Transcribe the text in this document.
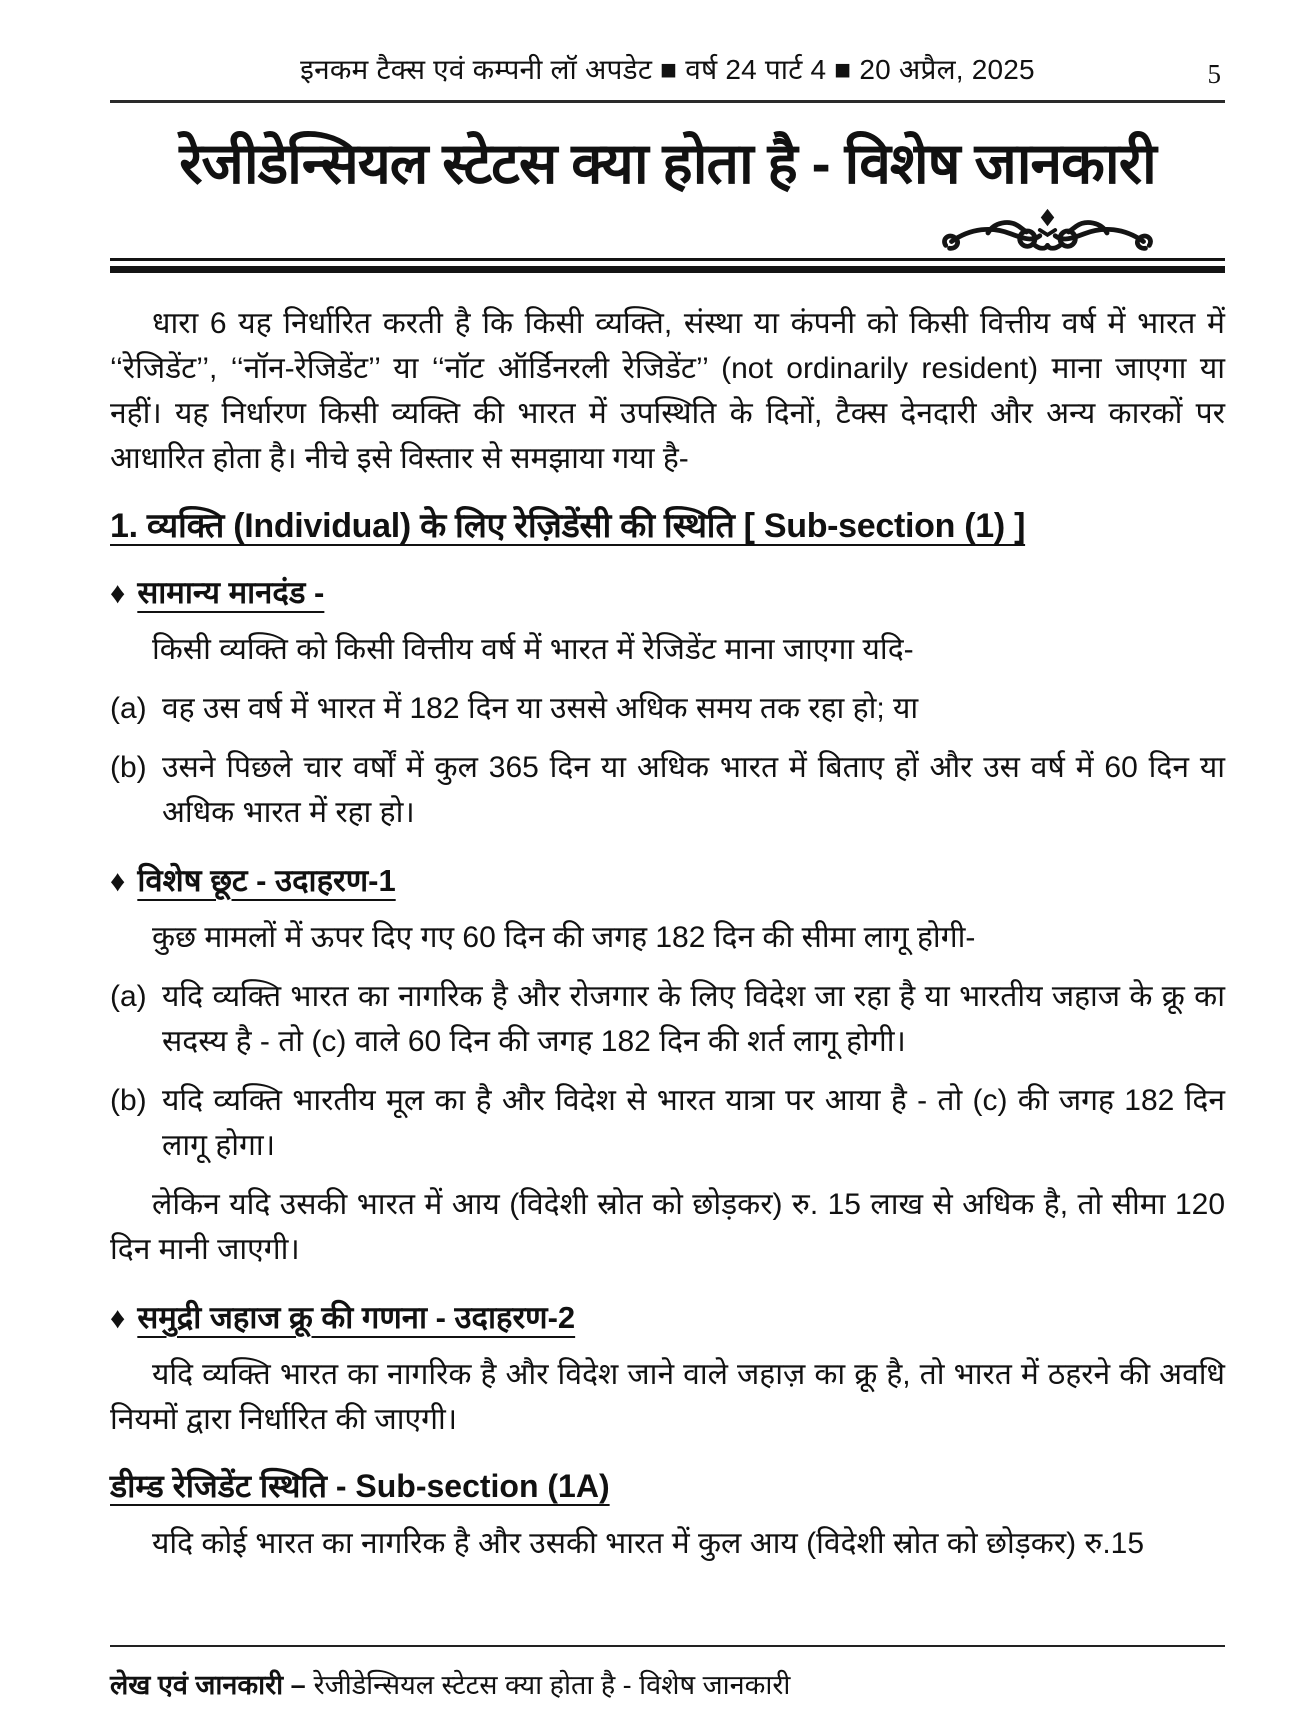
इनकम टैक्स एवं कम्पनी लॉ अपडेट ■ वर्ष 24 पार्ट 4 ■ 20 अप्रैल, 2025	5
रेजीडेन्सियल स्टेटस क्या होता है - विशेष जानकारी

धारा 6 यह निर्धारित करती है कि किसी व्यक्ति, संस्था या कंपनी को किसी वित्तीय वर्ष में भारत में ‘‘रेजिडेंट’’, ‘‘नॉन-रेजिडेंट’’ या ‘‘नॉट ऑर्डिनरली रेजिडेंट’’ (not ordinarily resident) माना जाएगा या नहीं। यह निर्धारण किसी व्यक्ति की भारत में उपस्थिति के दिनों, टैक्स देनदारी और अन्य कारकों पर आधारित होता है। नीचे इसे विस्तार से समझाया गया है-

1. व्यक्ति (Individual) के लिए रेज़िडेंसी की स्थिति [ Sub-section (1) ]
♦ सामान्य मानदंड -

किसी व्यक्ति को किसी वित्तीय वर्ष में भारत में रेजिडेंट माना जाएगा यदि-

(a) वह उस वर्ष में भारत में 182 दिन या उससे अधिक समय तक रहा हो; या
(b) उसने पिछले चार वर्षों में कुल 365 दिन या अधिक भारत में बिताए हों और उस वर्ष में 60 दिन या अधिक भारत में रहा हो।
♦ विशेष छूट - उदाहरण-1

कुछ मामलों में ऊपर दिए गए 60 दिन की जगह 182 दिन की सीमा लागू होगी-

(a) यदि व्यक्ति भारत का नागरिक है और रोजगार के लिए विदेश जा रहा है या भारतीय जहाज के क्रू का सदस्य है - तो (c) वाले 60 दिन की जगह 182 दिन की शर्त लागू होगी।
(b) यदि व्यक्ति भारतीय मूल का है और विदेश से भारत यात्रा पर आया है - तो (c) की जगह 182 दिन लागू होगा।

लेकिन यदि उसकी भारत में आय (विदेशी स्रोत को छोड़कर) रु. 15 लाख से अधिक है, तो सीमा 120 दिन मानी जाएगी।

♦ समुद्री जहाज क्रू की गणना - उदाहरण-2

यदि व्यक्ति भारत का नागरिक है और विदेश जाने वाले जहाज़ का क्रू है, तो भारत में ठहरने की अवधि नियमों द्वारा निर्धारित की जाएगी।

डीम्ड रेजिडेंट स्थिति - Sub-section (1A)

यदि कोई भारत का नागरिक है और उसकी भारत में कुल आय (विदेशी स्रोत को छोड़कर) रु.15

लेख एवं जानकारी – रेजीडेन्सियल स्टेटस क्या होता है - विशेष जानकारी
